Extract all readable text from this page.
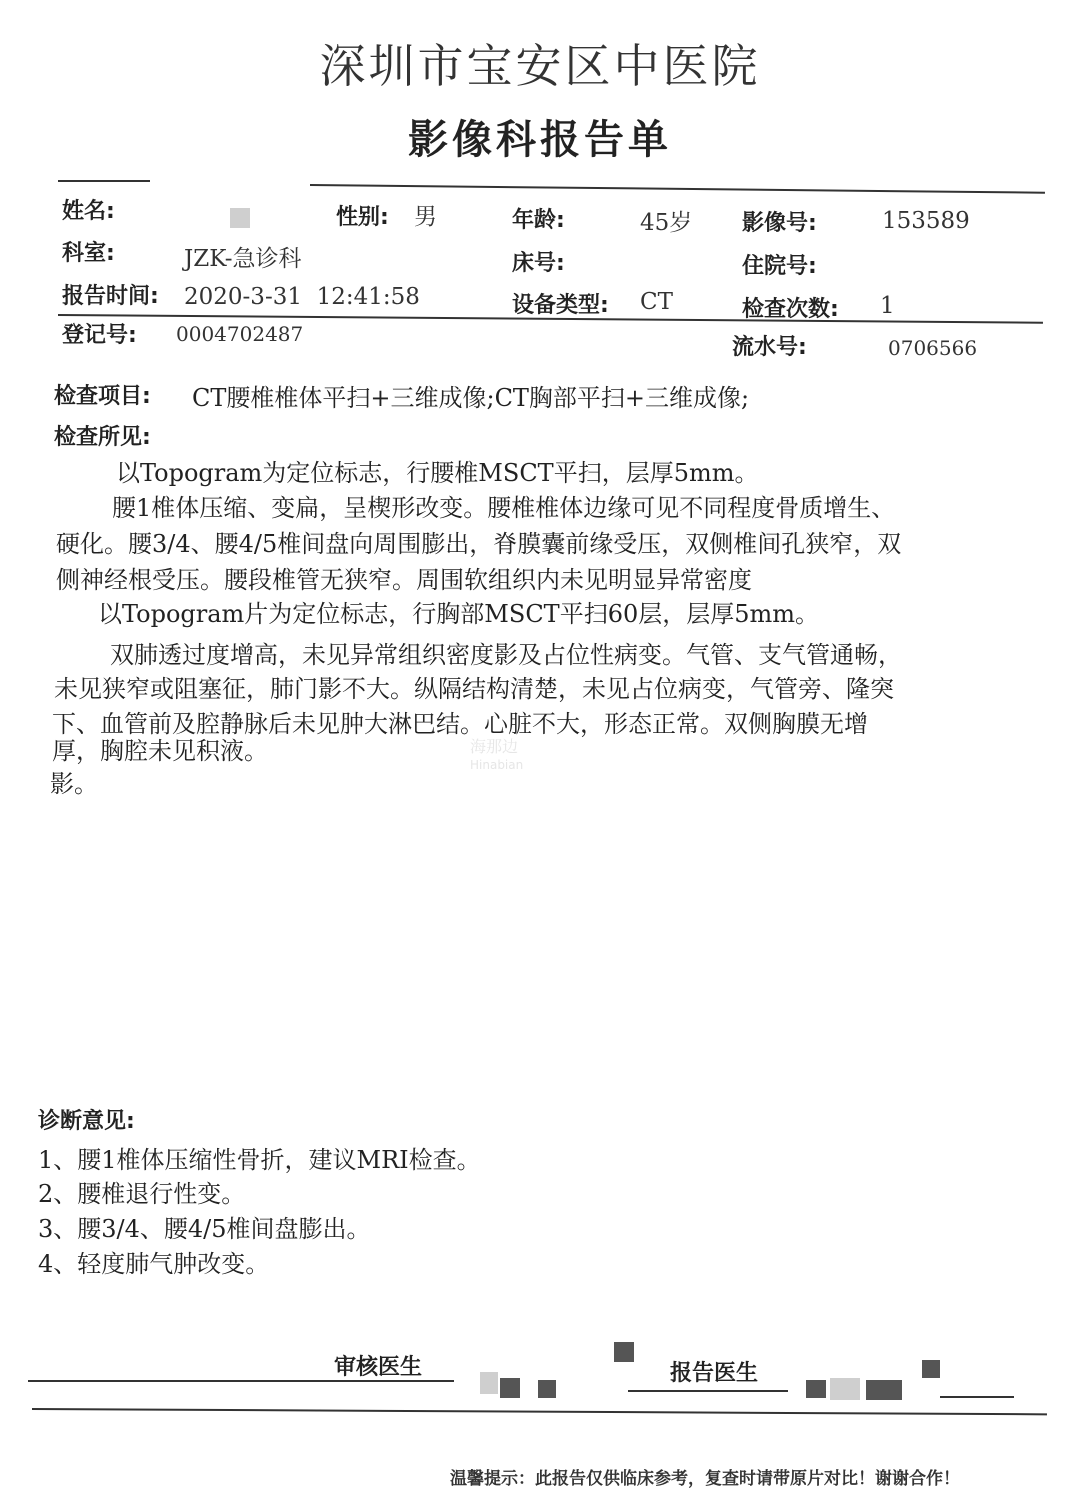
深圳市宝安区中医院
影像科报告单
姓名:	性别: 男	年龄:	45岁 影像号:	153589
科室:	JZK-急诊科	床号:	住院号:
报告时间: 2020-3-31  12:41:58	设备类型: CT	检查次数: 1
登记号: 0004702487
流水号:	0706566
检查项目: CT腰椎椎体平扫+三维成像;CT胸部平扫+三维成像;
检查所见:
以Topogram为定位标志，行腰椎MSCT平扫，层厚5mm。
腰1椎体压缩、变扁，呈楔形改变。腰椎椎体边缘可见不同程度骨质增生、
硬化。腰3/4、腰4/5椎间盘向周围膨出，脊膜囊前缘受压，双侧椎间孔狭窄，双
侧神经根受压。腰段椎管无狭窄。周围软组织内未见明显异常密度
以Topogram片为定位标志，行胸部MSCT平扫60层，层厚5mm。
双肺透过度增高，未见异常组织密度影及占位性病变。气管、支气管通畅，
未见狭窄或阻塞征，肺门影不大。纵隔结构清楚，未见占位病变，气管旁、隆突
下、血管前及腔静脉后未见肿大淋巴结。心脏不大，形态正常。双侧胸膜无增
厚，胸腔未见积液。
影。
海那边
Hinabian
诊断意见:
1、腰1椎体压缩性骨折，建议MRI检查。
2、腰椎退行性变。
3、腰3/4、腰4/5椎间盘膨出。
4、轻度肺气肿改变。
审核医生	报告医生
温馨提示：此报告仅供临床参考，复查时请带原片对比！谢谢合作！
